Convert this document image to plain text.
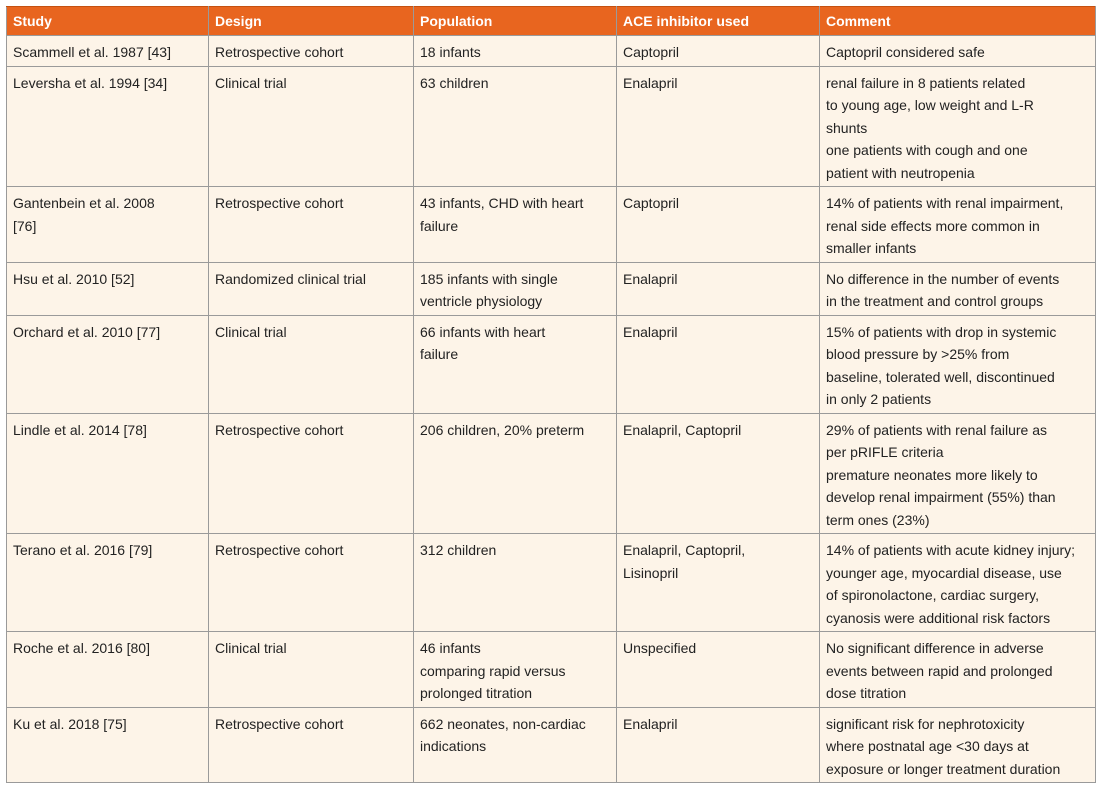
Study	Design	Population	ACE inhibitor used	Comment

Scammell et al. 1987 [43]	Retrospective cohort	18 infants	Captopril	Captopril considered safe

Leversha et al. 1994 [34]	Clinical trial	63 children	Enalapril	renal failure in 8 patients related
to young age, low weight and L-R
shunts
one patients with cough and one
patient with neutropenia

Gantenbein et al. 2008
[76]	Retrospective cohort	43 infants, CHD with heart
failure	Captopril	14% of patients with renal impairment,
renal side effects more common in
smaller infants

Hsu et al. 2010 [52]	Randomized clinical trial	185 infants with single
ventricle physiology	Enalapril	No difference in the number of events
in the treatment and control groups

Orchard et al. 2010 [77]	Clinical trial	66 infants with heart
failure	Enalapril	15% of patients with drop in systemic
blood pressure by >25% from
baseline, tolerated well, discontinued
in only 2 patients

Lindle et al. 2014 [78]	Retrospective cohort	206 children, 20% preterm	Enalapril, Captopril	29% of patients with renal failure as
per pRIFLE criteria
premature neonates more likely to
develop renal impairment (55%) than
term ones (23%)

Terano et al. 2016 [79]	Retrospective cohort	312 children	Enalapril, Captopril,
Lisinopril	14% of patients with acute kidney injury;
younger age, myocardial disease, use
of spironolactone, cardiac surgery,
cyanosis were additional risk factors

Roche et al. 2016 [80]	Clinical trial	46 infants
comparing rapid versus
prolonged titration	Unspecified	No significant difference in adverse
events between rapid and prolonged
dose titration

Ku et al. 2018 [75]	Retrospective cohort	662 neonates, non-cardiac
indications	Enalapril	significant risk for nephrotoxicity
where postnatal age <30 days at
exposure or longer treatment duration
